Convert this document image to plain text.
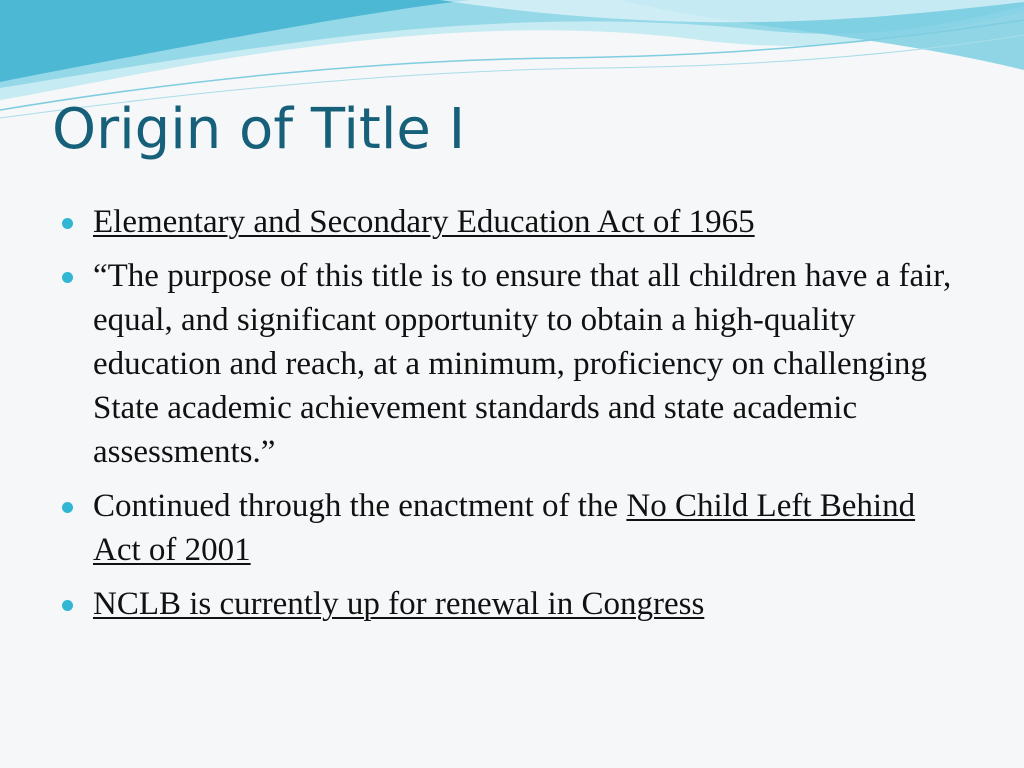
Origin of Title I
Elementary and Secondary Education Act of 1965
“The purpose of this title is to ensure that all children have a fair, equal, and significant opportunity to obtain a high-quality education and reach, at a minimum, proficiency on challenging State academic achievement standards and state academic assessments.”
Continued through the enactment of the No Child Left Behind Act of 2001
NCLB is currently up for renewal in Congress
